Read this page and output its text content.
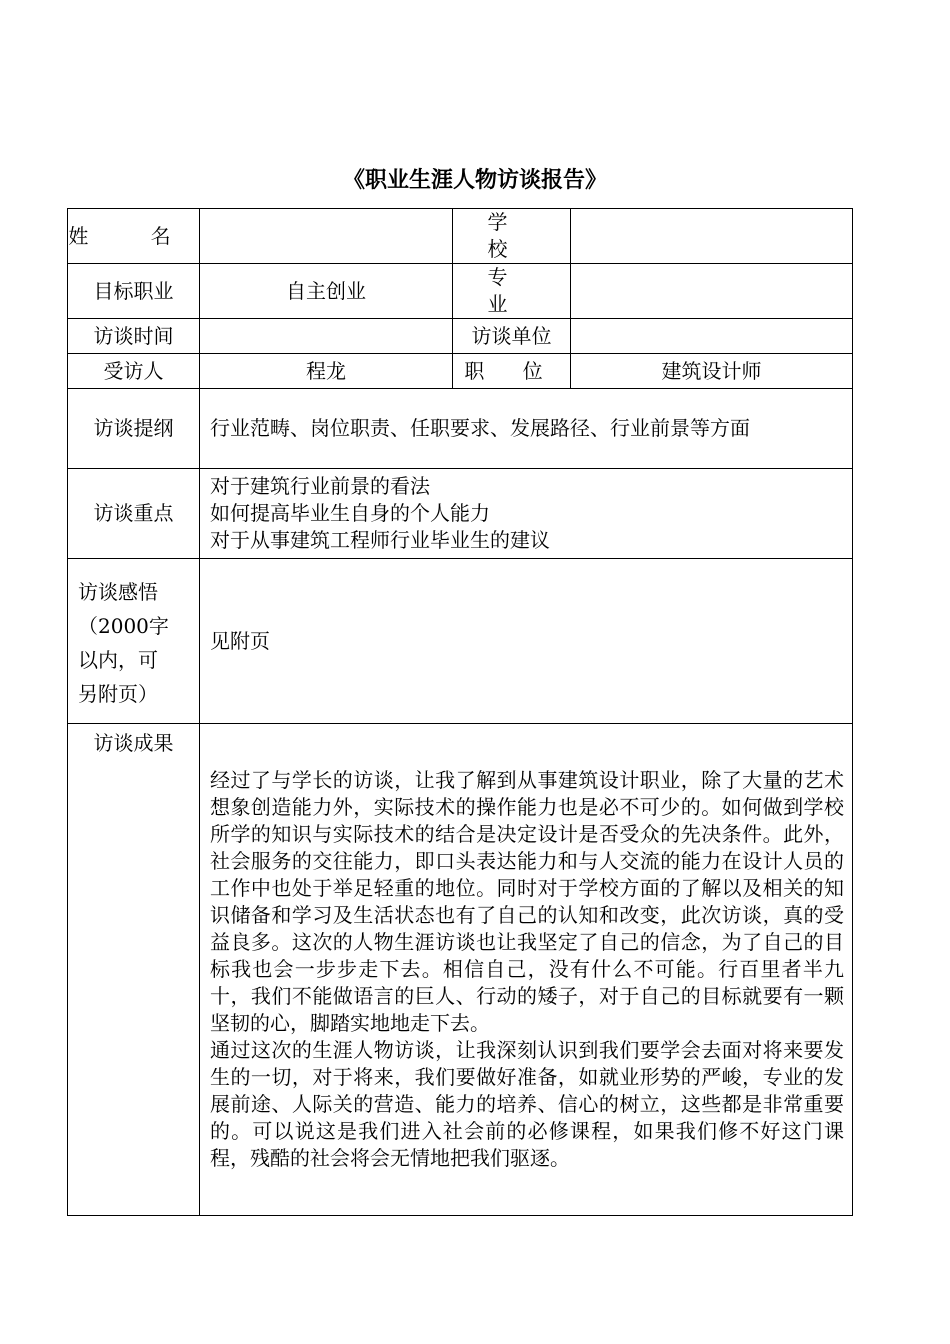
《职业生涯人物访谈报告》
姓 名		学 校	
目标职业	自主创业	专 业	
访谈时间		访谈单位	
受访人	程龙	职 位	建筑设计师
访谈提纲	行业范畴、岗位职责、任职要求、发展路径、行业前景等方面		
访谈重点	对于建筑行业前景的看法
如何提高毕业生自身的个人能力
对于从事建筑工程师行业毕业生的建议		

访谈感悟
（2000字
以内，可
另附页）	见附页		
访谈成果	经过了与学长的访谈，让我了解到从事建筑设计职业，除了大量的艺术想象创造能力外，实际技术的操作能力也是必不可少的。如何做到学校所学的知识与实际技术的结合是决定设计是否受众的先决条件。此外，社会服务的交往能力，即口头表达能力和与人交流的能力在设计人员的工作中也处于举足轻重的地位。同时对于学校方面的了解以及相关的知识储备和学习及生活状态也有了自己的认知和改变，此次访谈，真的受益良多。这次的人物生涯访谈也让我坚定了自己的信念，为了自己的目标我也会一步步走下去。相信自己，没有什么不可能。行百里者半九十，我们不能做语言的巨人、行动的矮子，对于自己的目标就要有一颗坚韧的心，脚踏实地地走下去。
通过这次的生涯人物访谈，让我深刻认识到我们要学会去面对将来要发生的一切，对于将来，我们要做好准备，如就业形势的严峻，专业的发展前途、人际关的营造、能力的培养、信心的树立，这些都是非常重要的。可以说这是我们进入社会前的必修课程，如果我们修不好这门课程，残酷的社会将会无情地把我们驱逐。		
